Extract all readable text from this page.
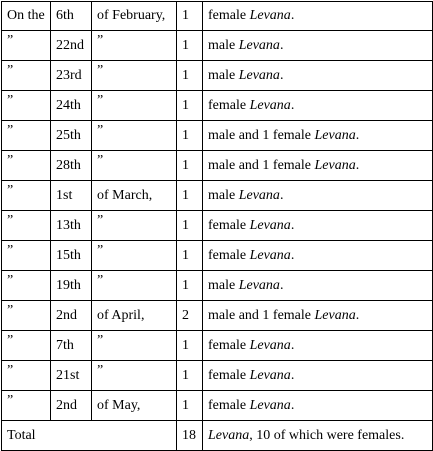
On the	6th	of February,	1	female Levana.
”	22nd	”	1	male Levana.
”	23rd	”	1	male Levana.
”	24th	”	1	female Levana.
”	25th	”	1	male and 1 female Levana.
”	28th	”	1	male and 1 female Levana.
”	1st	of March,	1	male Levana.
”	13th	”	1	female Levana.
”	15th	”	1	female Levana.
”	19th	”	1	male Levana.
”	2nd	of April,	2	male and 1 female Levana.
”	7th	”	1	female Levana.
”	21st	”	1	female Levana.
”	2nd	of May,	1	female Levana.
Total			18	Levana, 10 of which were females.
